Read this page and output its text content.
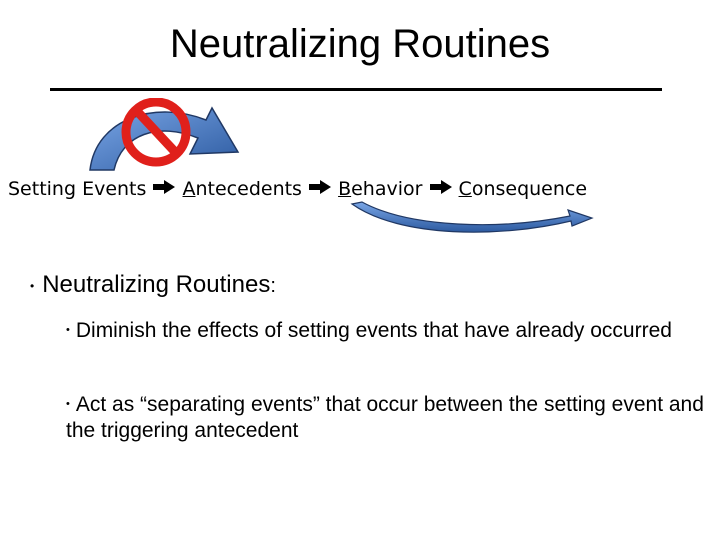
Neutralizing Routines
Setting Events Antecedents Behavior Consequence
• Neutralizing Routines:
• Diminish the effects of setting events that have already occurred
• Act as “separating events” that occur between the setting event and the triggering antecedent
